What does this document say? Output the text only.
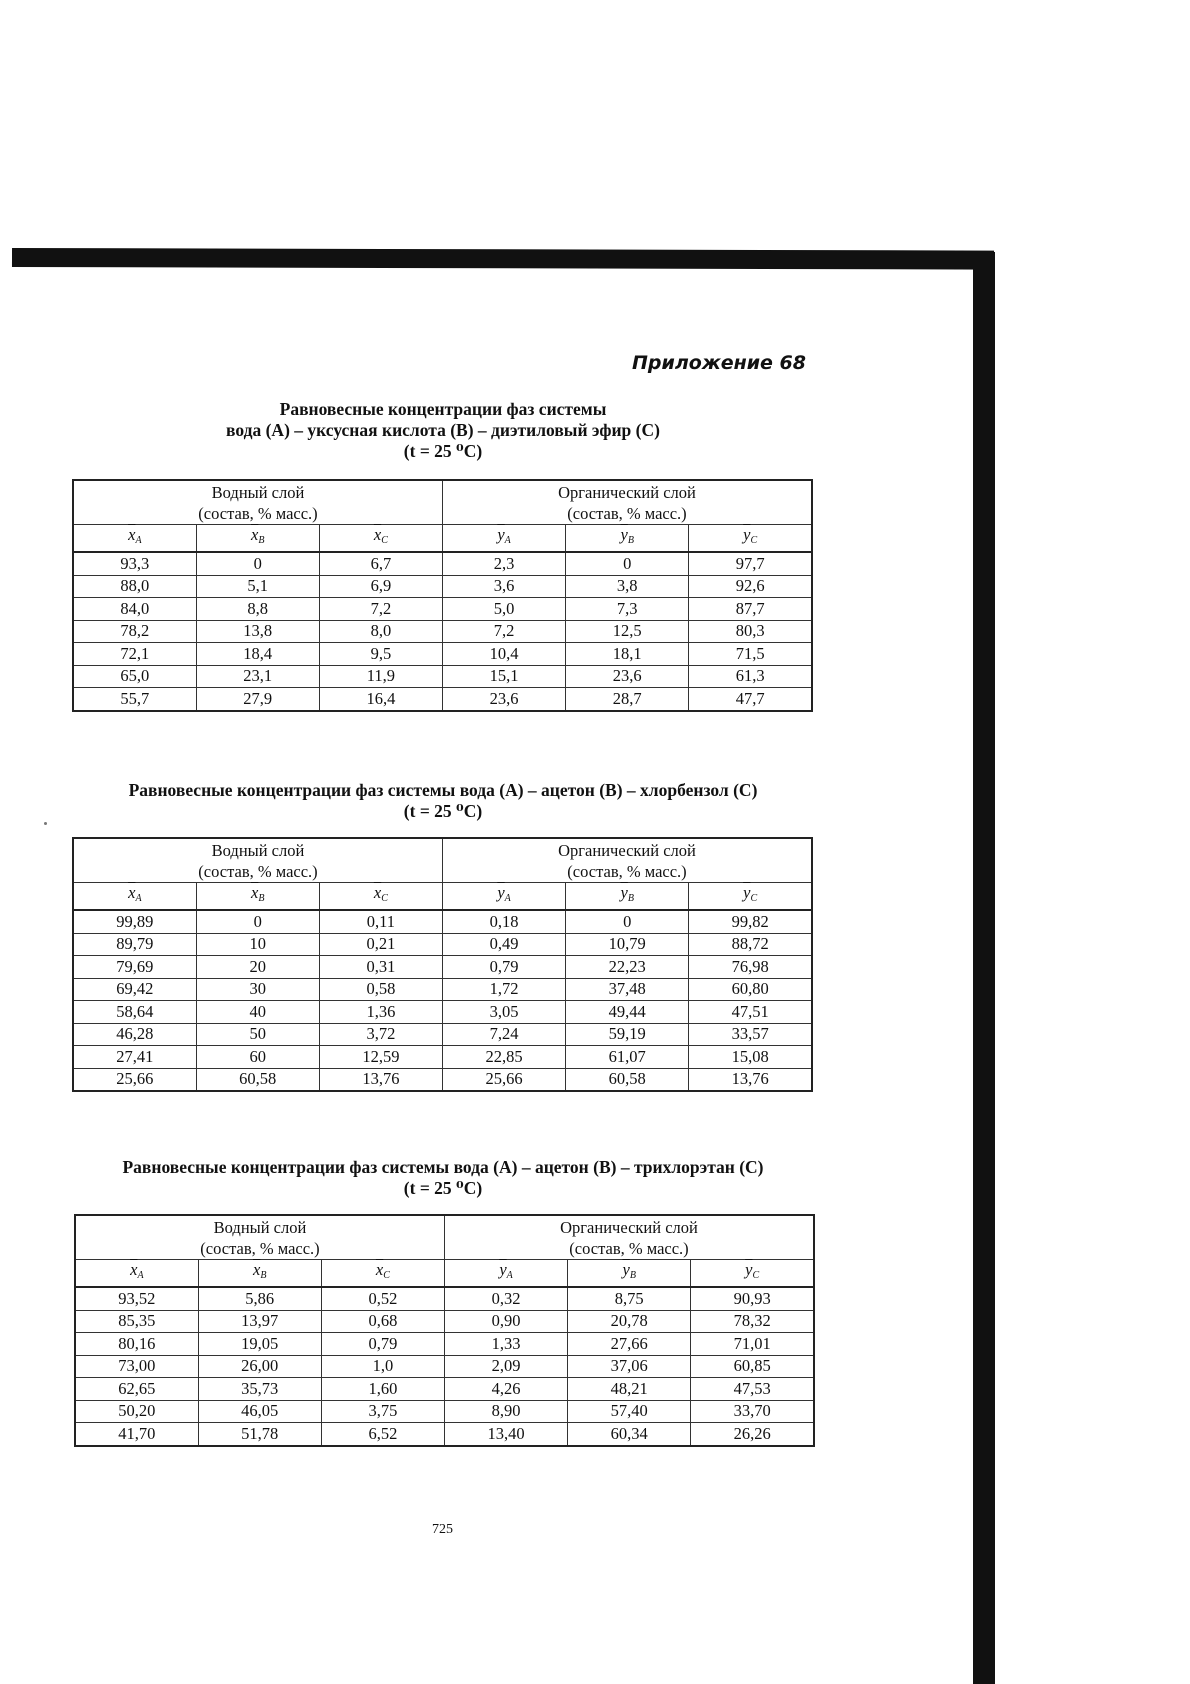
Приложение 68
Равновесные концентрации фаз системы
вода (A) – уксусная кислота (B) – диэтиловый эфир (C)
(t = 25 ⁰C)
Водный слой
(состав, % масс.)			Органический слой
(состав, % масс.)		

$\overline{x}A$	$\overline{x}B$	$\overline{x}C$	$\overline{y}A$	$\overline{y}B$	$\overline{y}C$
93,3	0	6,7	2,3	0	97,7
88,0	5,1	6,9	3,6	3,8	92,6
84,0	8,8	7,2	5,0	7,3	87,7
78,2	13,8	8,0	7,2	12,5	80,3
72,1	18,4	9,5	10,4	18,1	71,5
65,0	23,1	11,9	15,1	23,6	61,3
55,7	27,9	16,4	23,6	28,7	47,7
Равновесные концентрации фаз системы вода (A) – ацетон (B) – хлорбензол (C)
(t = 25 ⁰C)
Водный слой
(состав, % масс.)			Органический слой
(состав, % масс.)		

$\overline{x}A$	$\overline{x}B$	$\overline{x}C$	$\overline{y}A$	$\overline{y}B$	$\overline{y}C$
99,89	0	0,11	0,18	0	99,82
89,79	10	0,21	0,49	10,79	88,72
79,69	20	0,31	0,79	22,23	76,98
69,42	30	0,58	1,72	37,48	60,80
58,64	40	1,36	3,05	49,44	47,51
46,28	50	3,72	7,24	59,19	33,57
27,41	60	12,59	22,85	61,07	15,08
25,66	60,58	13,76	25,66	60,58	13,76
Равновесные концентрации фаз системы вода (A) – ацетон (B) – трихлорэтан (C)
(t = 25 ⁰C)
Водный слой
(состав, % масс.)			Органический слой
(состав, % масс.)		

$\overline{x}A$	$\overline{x}B$	$\overline{x}C$	$\overline{y}A$	$\overline{y}B$	$\overline{y}C$
93,52	5,86	0,52	0,32	8,75	90,93
85,35	13,97	0,68	0,90	20,78	78,32
80,16	19,05	0,79	1,33	27,66	71,01
73,00	26,00	1,0	2,09	37,06	60,85
62,65	35,73	1,60	4,26	48,21	47,53
50,20	46,05	3,75	8,90	57,40	33,70
41,70	51,78	6,52	13,40	60,34	26,26
725
